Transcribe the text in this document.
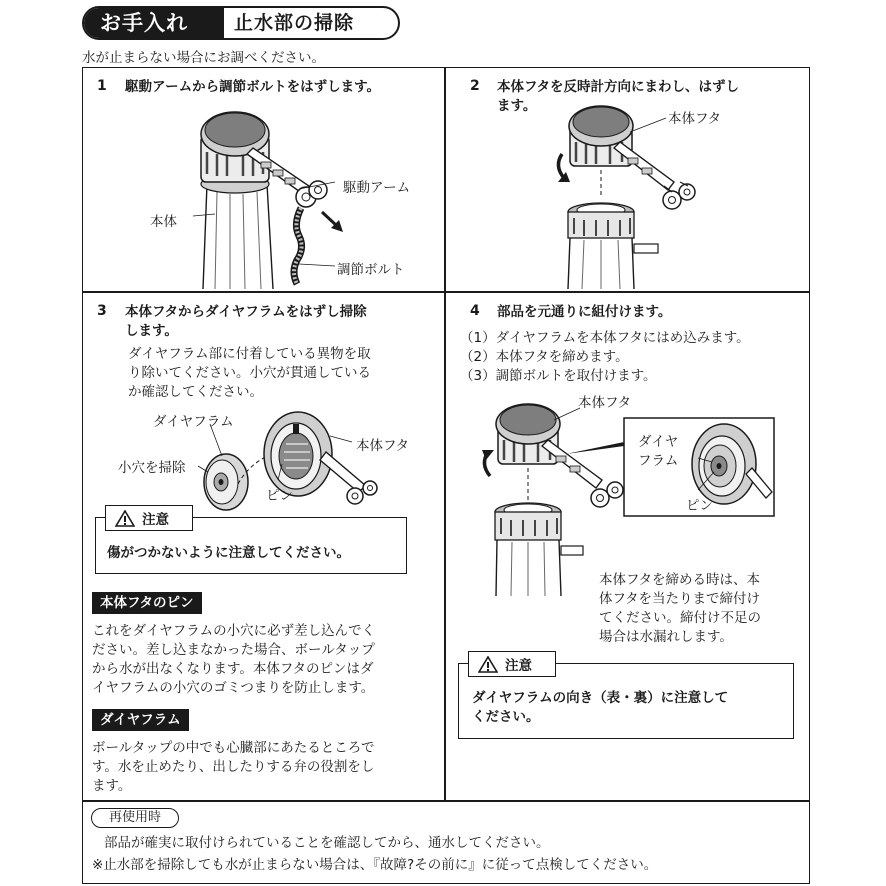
お手入れ	止水部の掃除
水が止まらない場合にお調べください。
1 駆動アームから調節ボルトをはずします。
駆動アーム
本体
調節ボルト
2 本体フタを反時計方向にまわし、はずし
ます。
本体フタ
3 本体フタからダイヤフラムをはずし掃除
します。
ダイヤフラム部に付着している異物を取
り除いてください。小穴が貫通している
か確認してください。
ダイヤフラム
小穴を掃除
本体フタ
ピン
注意
傷がつかないように注意してください。
本体フタのピン
これをダイヤフラムの小穴に必ず差し込んでく
ださい。差し込まなかった場合、ボールタップ
から水が出なくなります。本体フタのピンはダ
イヤフラムの小穴のゴミつまりを防止します。
ダイヤフラム
ボールタップの中でも心臓部にあたるところで
す。水を止めたり、出したりする弁の役割をし
ます。
4 部品を元通りに組付けます。
（1）ダイヤフラムを本体フタにはめ込みます。
（2）本体フタを締めます。
（3）調節ボルトを取付けます。
本体フタ
ダイヤ
フラム
ピン
本体フタを締める時は、本
体フタを当たりまで締付け
てください。締付け不足の
場合は水漏れします。
注意
ダイヤフラムの向き（表・裏）に注意して
ください。
再使用時
部品が確実に取付けられていることを確認してから、通水してください。
※止水部を掃除しても水が止まらない場合は、『故障?その前に』に従って点検してください。
